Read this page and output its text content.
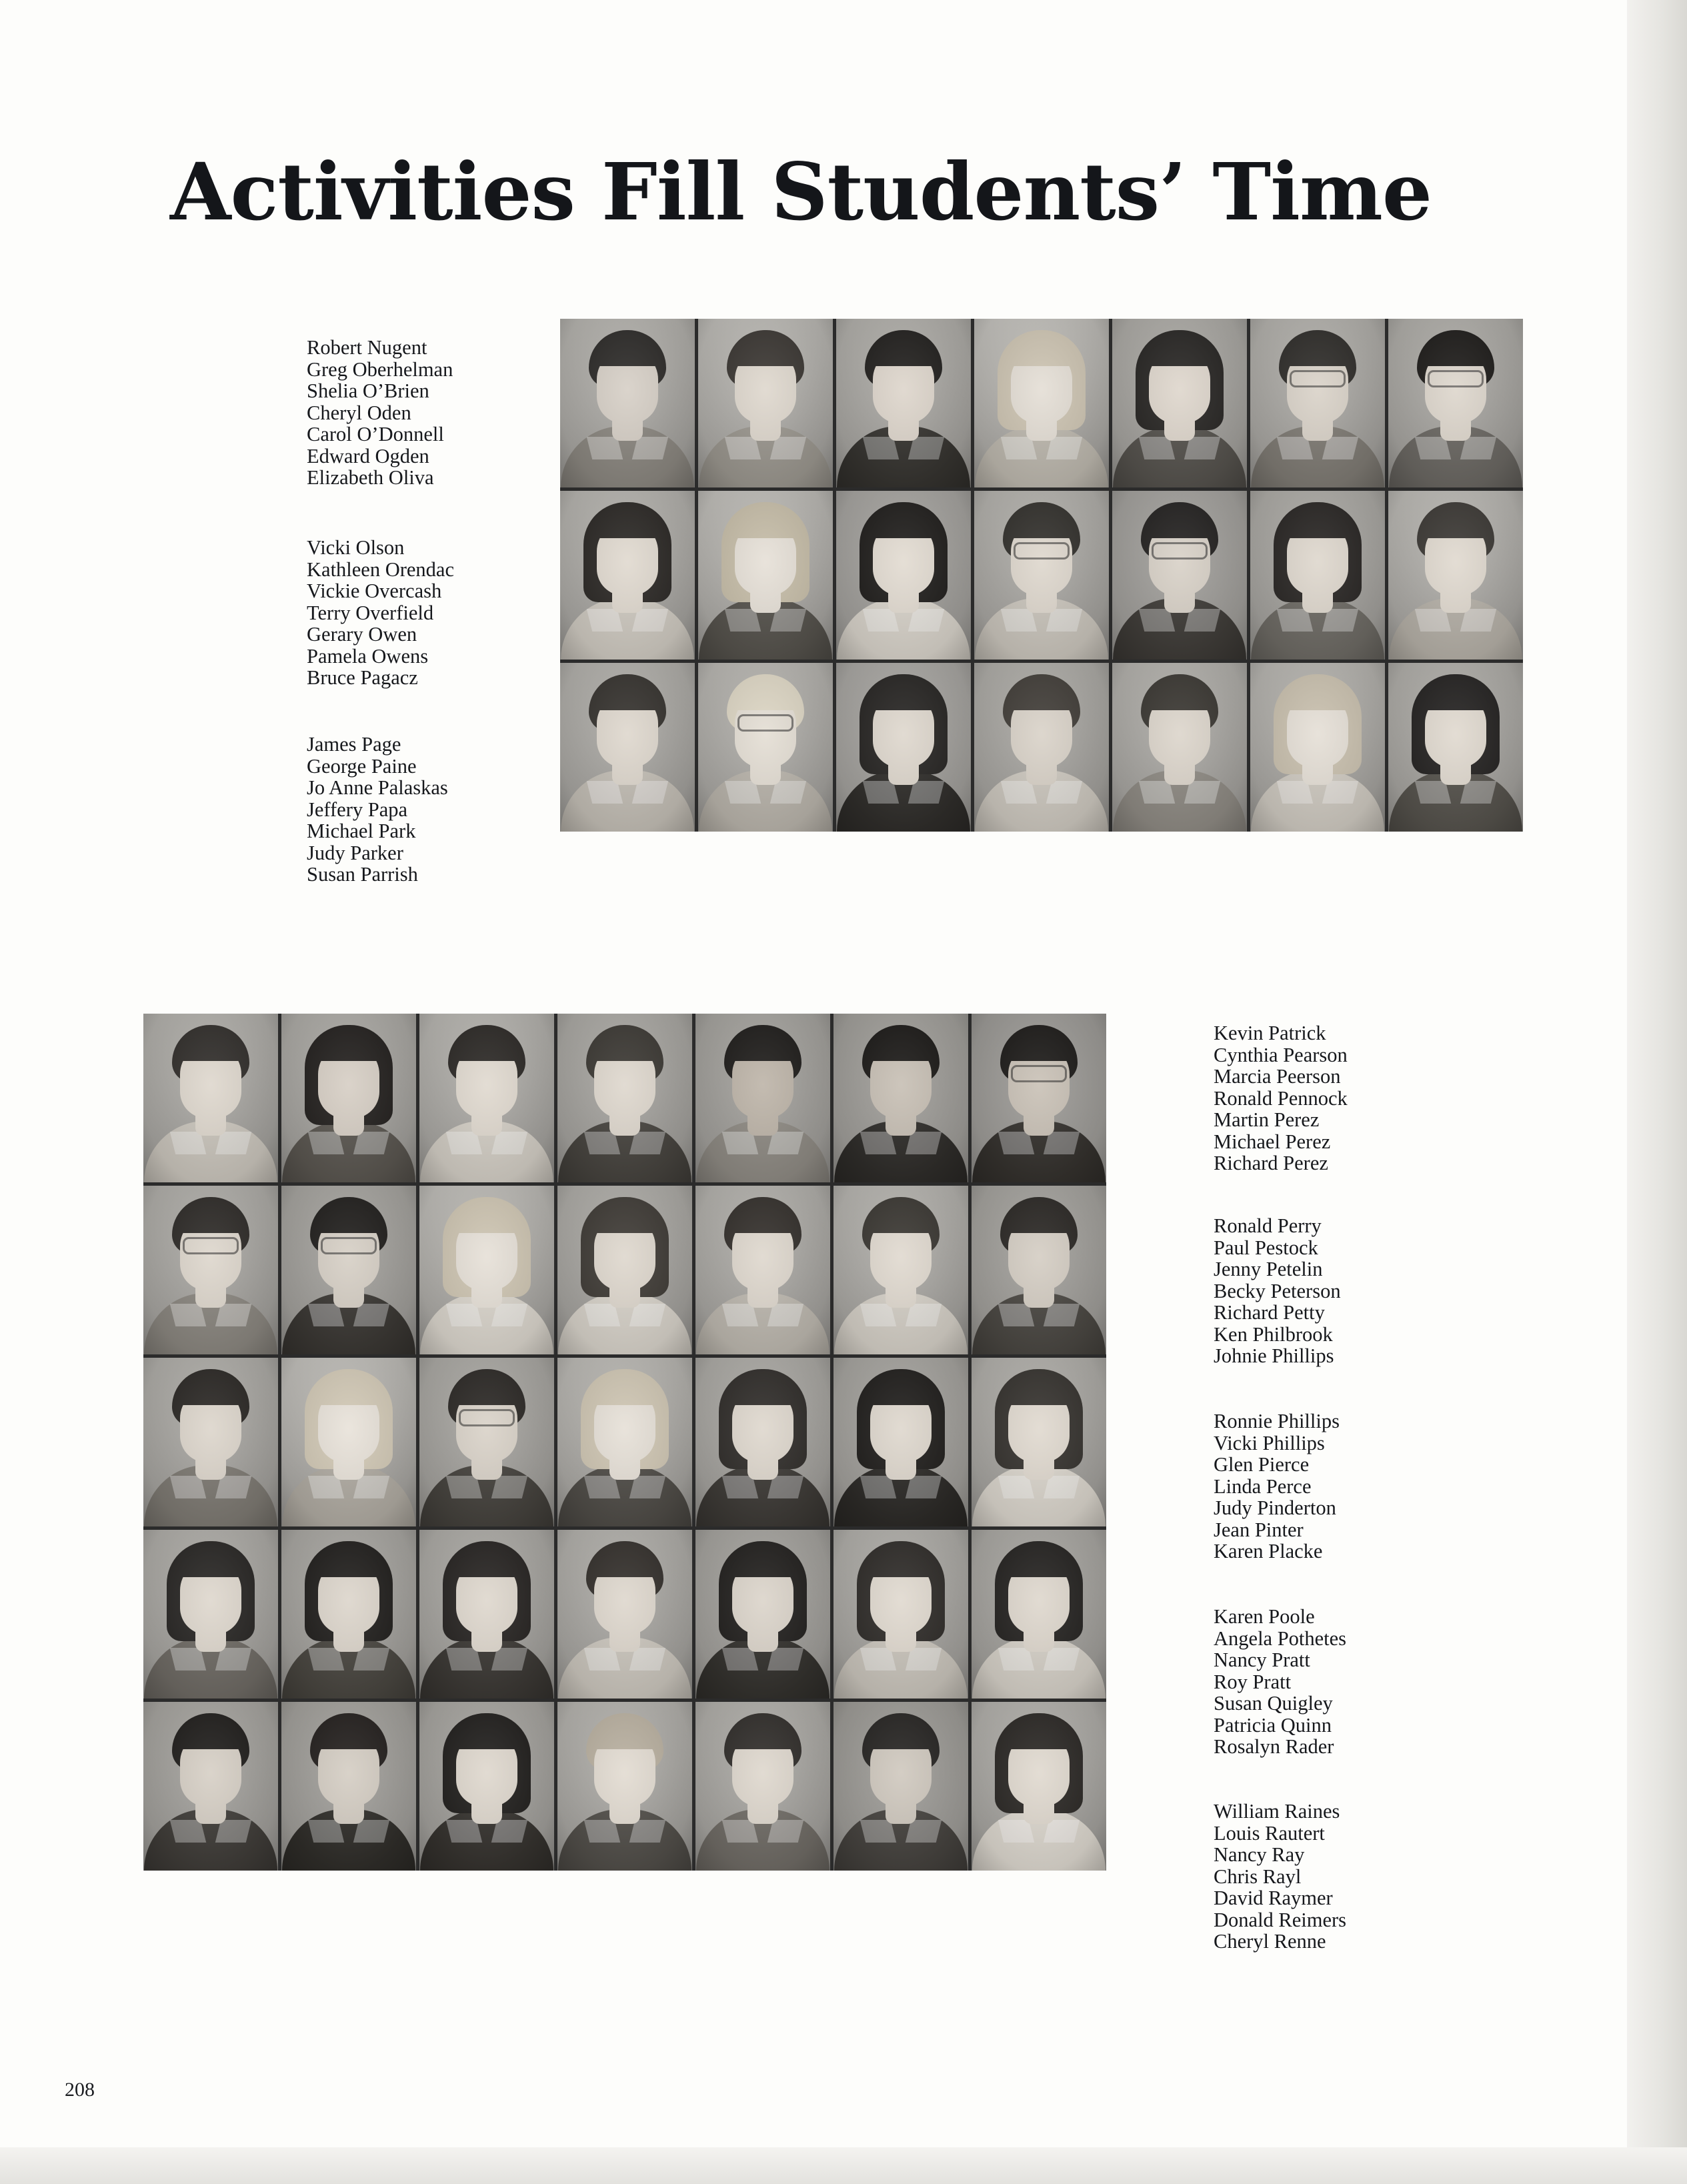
Activities Fill Students’ Time
Robert Nugent
Greg Oberhelman
Shelia O’Brien
Cheryl Oden
Carol O’Donnell
Edward Ogden
Elizabeth Oliva
Vicki Olson
Kathleen Orendac
Vickie Overcash
Terry Overfield
Gerary Owen
Pamela Owens
Bruce Pagacz
James Page
George Paine
Jo Anne Palaskas
Jeffery Papa
Michael Park
Judy Parker
Susan Parrish
Kevin Patrick
Cynthia Pearson
Marcia Peerson
Ronald Pennock
Martin Perez
Michael Perez
Richard Perez
Ronald Perry
Paul Pestock
Jenny Petelin
Becky Peterson
Richard Petty
Ken Philbrook
Johnie Phillips
Ronnie Phillips
Vicki Phillips
Glen Pierce
Linda Perce
Judy Pinderton
Jean Pinter
Karen Placke
Karen Poole
Angela Pothetes
Nancy Pratt
Roy Pratt
Susan Quigley
Patricia Quinn
Rosalyn Rader
William Raines
Louis Rautert
Nancy Ray
Chris Rayl
David Raymer
Donald Reimers
Cheryl Renne
208
